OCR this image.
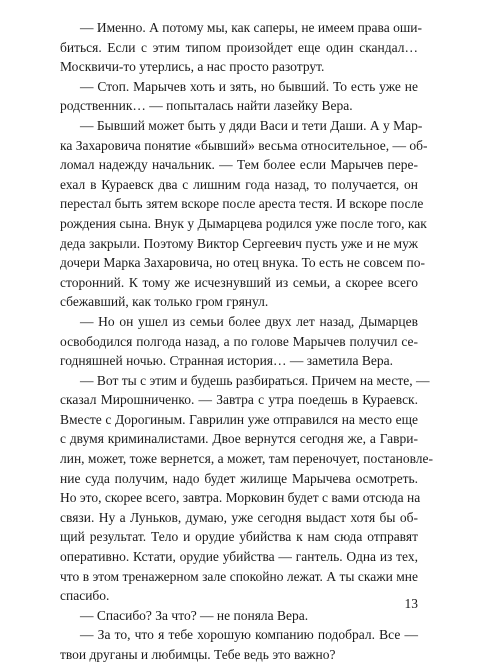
— Именно. А потому мы, как саперы, не имеем права оши-
биться. Если с этим типом произойдет еще один скандал…
Москвичи-то утерлись, а нас просто разотрут.
— Стоп. Марычев хоть и зять, но бывший. То есть уже не
родственник… — попыталась найти лазейку Вера.
— Бывший может быть у дяди Васи и тети Даши. А у Мар-
ка Захаровича понятие «бывший» весьма относительное, — об-
ломал надежду начальник. — Тем более если Марычев пере-
ехал в Кураевск два с лишним года назад, то получается, он
перестал быть зятем вскоре после ареста тестя. И вскоре после
рождения сына. Внук у Дымарцева родился уже после того, как
деда закрыли. Поэтому Виктор Сергеевич пусть уже и не муж
дочери Марка Захаровича, но отец внука. То есть не совсем по-
сторонний. К тому же исчезнувший из семьи, а скорее всего
сбежавший, как только гром грянул.
— Но он ушел из семьи более двух лет назад, Дымарцев
освободился полгода назад, а по голове Марычев получил се-
годняшней ночью. Странная история… — заметила Вера.
— Вот ты с этим и будешь разбираться. Причем на месте, —
сказал Мирошниченко. — Завтра с утра поедешь в Кураевск.
Вместе с Дорогиным. Гаврилин уже отправился на место еще
с двумя криминалистами. Двое вернутся сегодня же, а Гаври-
лин, может, тоже вернется, а может, там переночует, постановле-
ние суда получим, надо будет жилище Марычева осмотреть.
Но это, скорее всего, завтра. Морковин будет с вами отсюда на
связи. Ну а Луньков, думаю, уже сегодня выдаст хотя бы об-
щий результат. Тело и орудие убийства к нам сюда отправят
оперативно. Кстати, орудие убийства — гантель. Одна из тех,
что в этом тренажерном зале спокойно лежат. А ты скажи мне
спасибо.
— Спасибо? За что? — не поняла Вера.
— За то, что я тебе хорошую компанию подобрал. Все —
твои друганы и любимцы. Тебе ведь это важно?
13
